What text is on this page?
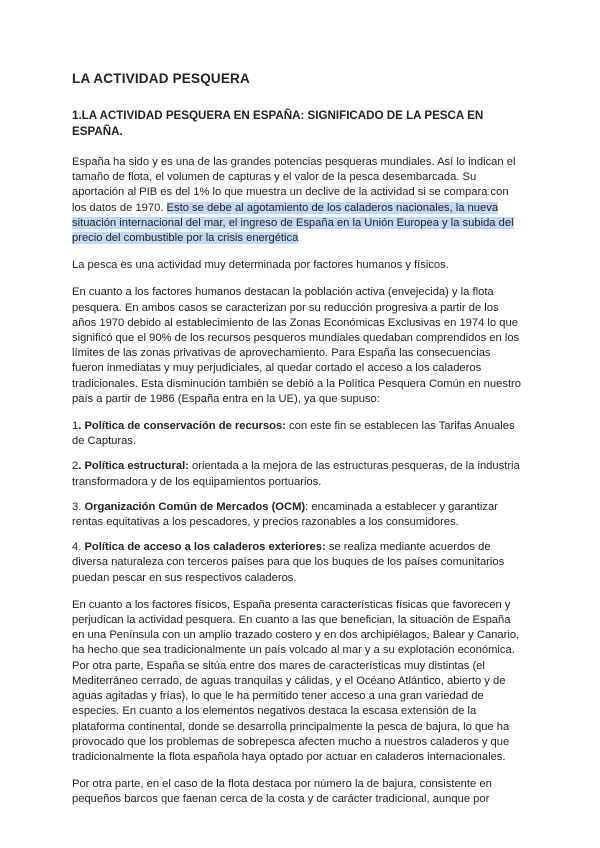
LA ACTIVIDAD PESQUERA
1.LA ACTIVIDAD PESQUERA EN ESPAÑA: SIGNIFICADO DE LA PESCA EN ESPAÑA.

España ha sido y es una de las grandes potencias pesqueras mundiales. Así lo indican el tamaño de flota, el volumen de capturas y el valor de la pesca desembarcada. Su aportación al PIB es del 1% lo que muestra un declive de la actividad si se compara con los datos de 1970. Esto se debe al agotamiento de los caladeros nacionales, la nueva situación internacional del mar, el ingreso de España en la Unión Europea y la subida del precio del combustible por la crisis energética

La pesca es una actividad muy determinada por factores humanos y físicos.

En cuanto a los factores humanos destacan la población activa (envejecida) y la flota pesquera. En ambos casos se caracterizan por su reducción progresiva a partir de los años 1970 debido al establecimiento de las Zonas Económicas Exclusivas en 1974 lo que significó que el 90% de los recursos pesqueros mundiales quedaban comprendidos en los límites de las zonas privativas de aprovechamiento. Para España las consecuencias fueron inmediatas y muy perjudiciales, al quedar cortado el acceso a los caladeros tradicionales. Esta disminución también se debió a la Política Pesquera Común en nuestro país a partir de 1986 (España entra en la UE), ya que supuso:

1. Política de conservación de recursos: con este fin se establecen las Tarifas Anuales de Capturas.

2. Política estructural: orientada a la mejora de las estructuras pesqueras, de la industria transformadora y de los equipamientos portuarios.

3. Organización Común de Mercados (OCM): encaminada a establecer y garantizar rentas equitativas a los pescadores, y precios razonables a los consumidores.

4. Política de acceso a los caladeros exteriores: se realiza mediante acuerdos de diversa naturaleza con terceros países para que los buques de los países comunitarios puedan pescar en sus respectivos caladeros.

En cuanto a los factores físicos, España presenta características físicas que favorecen y perjudican la actividad pesquera. En cuanto a las que benefician, la situación de España en una Península con un amplio trazado costero y en dos archipiélagos, Balear y Canario, ha hecho que sea tradicionalmente un país volcado al mar y a su explotación económica. Por otra parte, España se sitúa entre dos mares de características muy distintas (el Mediterráneo cerrado, de aguas tranquilas y cálidas, y el Océano Atlántico, abierto y de aguas agitadas y frías), lo que le ha permitido tener acceso a una gran variedad de especies. En cuanto a los elementos negativos destaca la escasa extensión de la plataforma continental, donde se desarrolla principalmente la pesca de bajura, lo que ha provocado que los problemas de sobrepesca afecten mucho a nuestros caladeros y que tradicionalmente la flota española haya optado por actuar en caladeros internacionales.

Por otra parte, en el caso de la flota destaca por número la de bajura, consistente en pequeños barcos que faenan cerca de la costa y de carácter tradicional, aunque por
